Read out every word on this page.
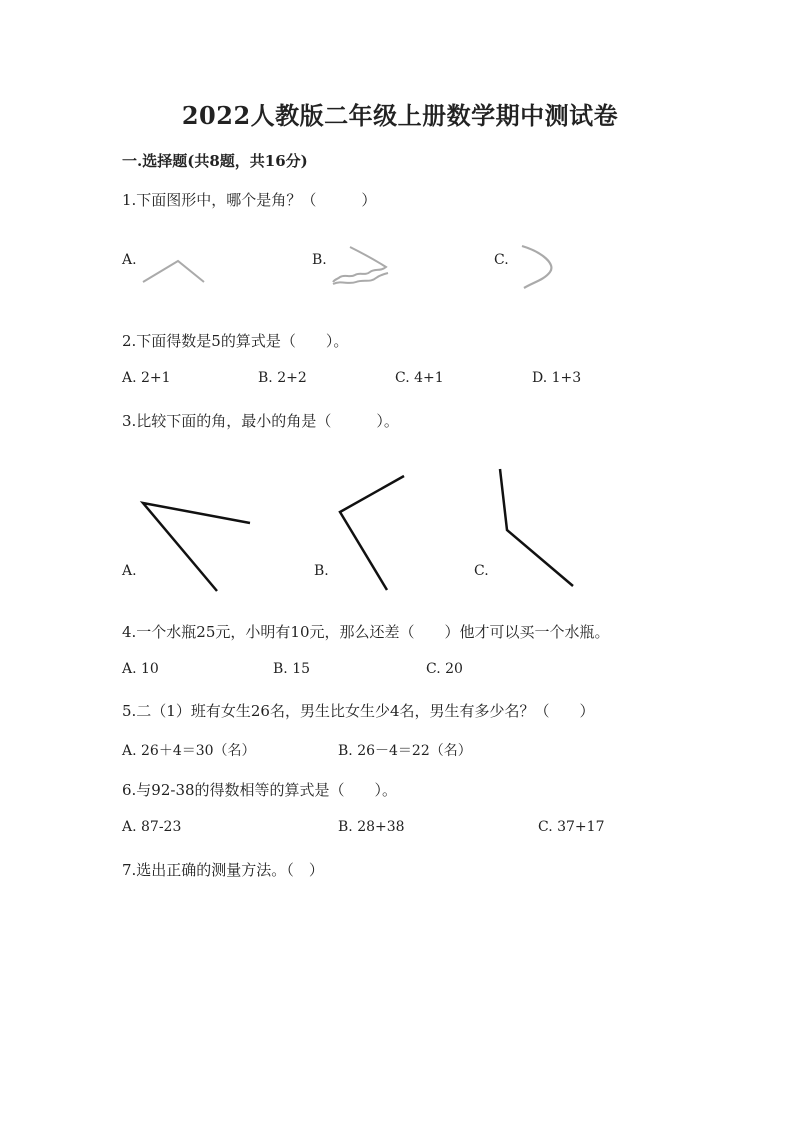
2022人教版二年级上册数学期中测试卷
一.选择题(共8题，共16分)
1.下面图形中，哪个是角？（　　　）
A.	B.	C.
2.下面得数是5的算式是（　　）。
A. 2+1	B. 2+2	C. 4+1	D. 1+3
3.比较下面的角，最小的角是（　　　）。
A.	B.	C.
4.一个水瓶25元，小明有10元，那么还差（　　）他才可以买一个水瓶。
A. 10	B. 15	C. 20
5.二（1）班有女生26名，男生比女生少4名，男生有多少名？（　　）
A. 26＋4＝30（名）	B. 26－4＝22（名）
6.与92-38的得数相等的算式是（　　）。
A. 87-23	B. 28+38	C. 37+17
7.选出正确的测量方法。（　）
